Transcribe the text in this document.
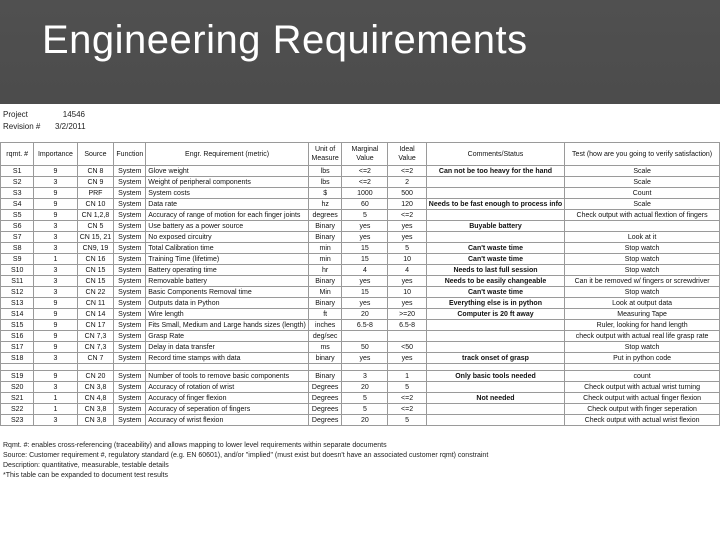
Engineering Requirements
Project	14546
Revision #	3/2/2011
rqmt. #	Importance	Source	Function	Engr. Requirement (metric)	Unit of Measure	Marginal Value	Ideal Value	Comments/Status	Test (how are you going to verify satisfaction)
S1	9	CN 8	System	Glove weight	lbs	<=2	<=2	Can not be too heavy for the hand	Scale
S2	3	CN 9	System	Weight of peripheral components	lbs	<=2	2		Scale
S3	9	PRF	System	System costs	$	1000	500		Count
S4	9	CN 10	System	Data rate	hz	60	120	Needs to be fast enough to process info	Scale
S5	9	CN 1,2,8	System	Accuracy of range of motion for each finger joints	degrees	5	<=2		Check output with actual flextion of fingers
S6	3	CN 5	System	Use battery as a power source	Binary	yes	yes	Buyable battery	
S7	3	CN 15, 21	System	No exposed circuitry	Binary	yes	yes		Look at it
S8	3	CN9, 19	System	Total Calibration time	min	15	5	Can't waste time	Stop watch
S9	1	CN 16	System	Training Time (lifetime)	min	15	10	Can't waste time	Stop watch
S10	3	CN 15	System	Battery operating time	hr	4	4	Needs to last full session	Stop watch
S11	3	CN 15	System	Removable battery	Binary	yes	yes	Needs to be easily changeable	Can it be removed w/ fingers or screwdriver
S12	3	CN 22	System	Basic Components Removal time	Min	15	10	Can't waste time	Stop watch
S13	9	CN 11	System	Outputs data in Python	Binary	yes	yes	Everything else is in python	Look at output data
S14	9	CN 14	System	Wire length	ft	20	>=20	Computer is 20 ft away	Measuring Tape
S15	9	CN 17	System	Fits Small, Medium and Large hands sizes (length)	inches	6.5-8	6.5-8		Ruler, looking for hand length
S16	9	CN 7,3	System	Grasp Rate	deg/sec				check output with actual real life grasp rate
S17	9	CN 7,3	System	Delay in data transfer	ms	50	<50		Stop watch
S18	3	CN 7	System	Record time stamps with data	binary	yes	yes	track onset of grasp	Put in python code

S19	9	CN 20	System	Number of tools to remove basic components	Binary	3	1	Only basic tools needed	count
S20	3	CN 3,8	System	Accuracy of rotation of wrist	Degrees	20	5		Check output with actual wrist turning
S21	1	CN 4,8	System	Accuracy of finger flexion	Degrees	5	<=2	Not needed	Check output with actual finger flexion
S22	1	CN 3,8	System	Accuracy of seperation of fingers	Degrees	5	<=2		Check output with finger seperation
S23	3	CN 3,8	System	Accuracy of wrist flexion	Degrees	20	5		Check output with actual wrist flexion
Rqmt. #: enables cross-referencing (traceability) and allows mapping to lower level requirements within separate documents
Source: Customer requirement #, regulatory standard (e.g. EN 60601), and/or "implied" (must exist but doesn't have an associated customer rqmt) constraint
Description: quantitative, measurable, testable details
*This table can be expanded to document test results
